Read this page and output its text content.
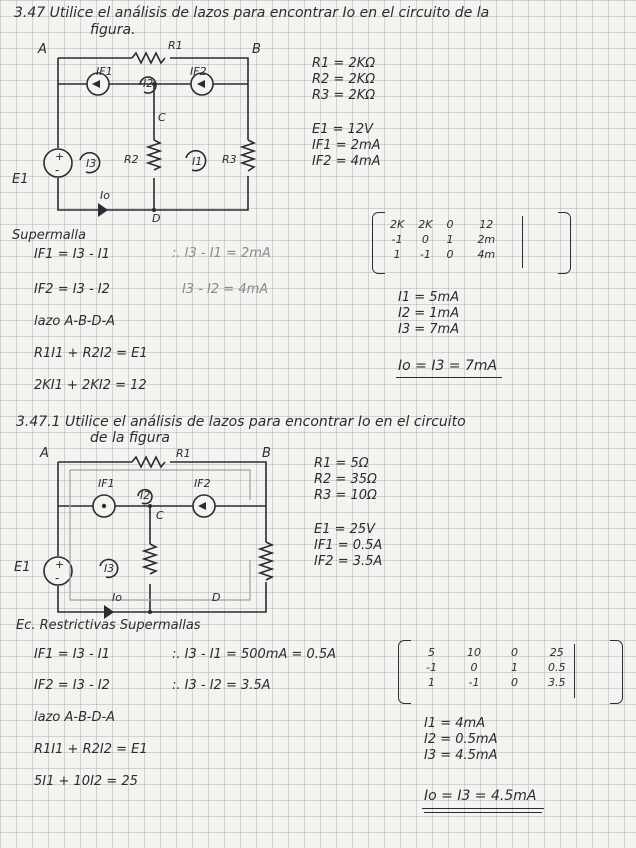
3.47 Utilice el análisis de lazos para encontrar Io en el circuito de la
figura.
+
-
A	B
C
D
R1
R2	R3
IF1	IF2
I2
I3	I1
E1
Io
R1 = 2KΩ
R2 = 2KΩ
R3 = 2KΩ
E1 = 12V
IF1 = 2mA
IF2 = 4mA
Supermalla
IF1 = I3 - I1	:. I3 - I1 = 2mA
IF2 = I3 - I2	I3 - I2 = 4mA
lazo A-B-D-A
R1I1 + R2I2 = E1
2KI1 + 2KI2 = 12
2K	2K	0	12
-1	0	1	2m
1	-1	0	4m
I1 = 5mA
I2 = 1mA
I3 = 7mA
Io = I3 = 7mA
3.47.1 Utilice el análisis de lazos para encontrar Io en el circuito
de la figura
+
-
A	B
C
D
R1
IF1	IF2
I2
I3
E1
Io
R1 = 5Ω
R2 = 35Ω
R3 = 10Ω
E1 = 25V
IF1 = 0.5A
IF2 = 3.5A
Ec. Restrictivas Supermallas
IF1 = I3 - I1	:. I3 - I1 = 500mA = 0.5A
IF2 = I3 - I2	:. I3 - I2 = 3.5A
lazo A-B-D-A
R1I1 + R2I2 = E1
5I1 + 10I2 = 25
5	10	0	25
-1	0	1	0.5
1	-1	0	3.5
I1 = 4mA
I2 = 0.5mA
I3 = 4.5mA
Io = I3 = 4.5mA
